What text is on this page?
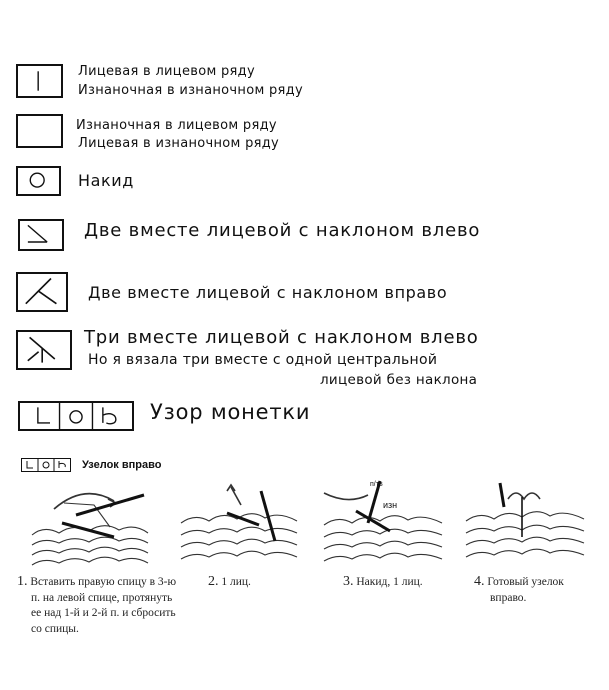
Лицевая в лицевом ряду
Изнаночная в изнаночном ряду
Изнаночная в лицевом ряду
Лицевая в изнаночном ряду
Накид
Две вместе лицевой с наклоном влево
Две вместе лицевой с наклоном вправо
Три вместе лицевой с наклоном влево
Но я вязала три вместе с одной центральной
лицевой без наклона
Узор монетки
Узелок вправо
п/тв
изн
1. Вставить правую спицу в 3-ю
п. на левой спице, протянуть
ее над 1-й и 2-й п. и сбросить
со спицы.
2. 1 лиц.	3. Накид, 1 лиц.	4. Готовый узелок
вправо.
